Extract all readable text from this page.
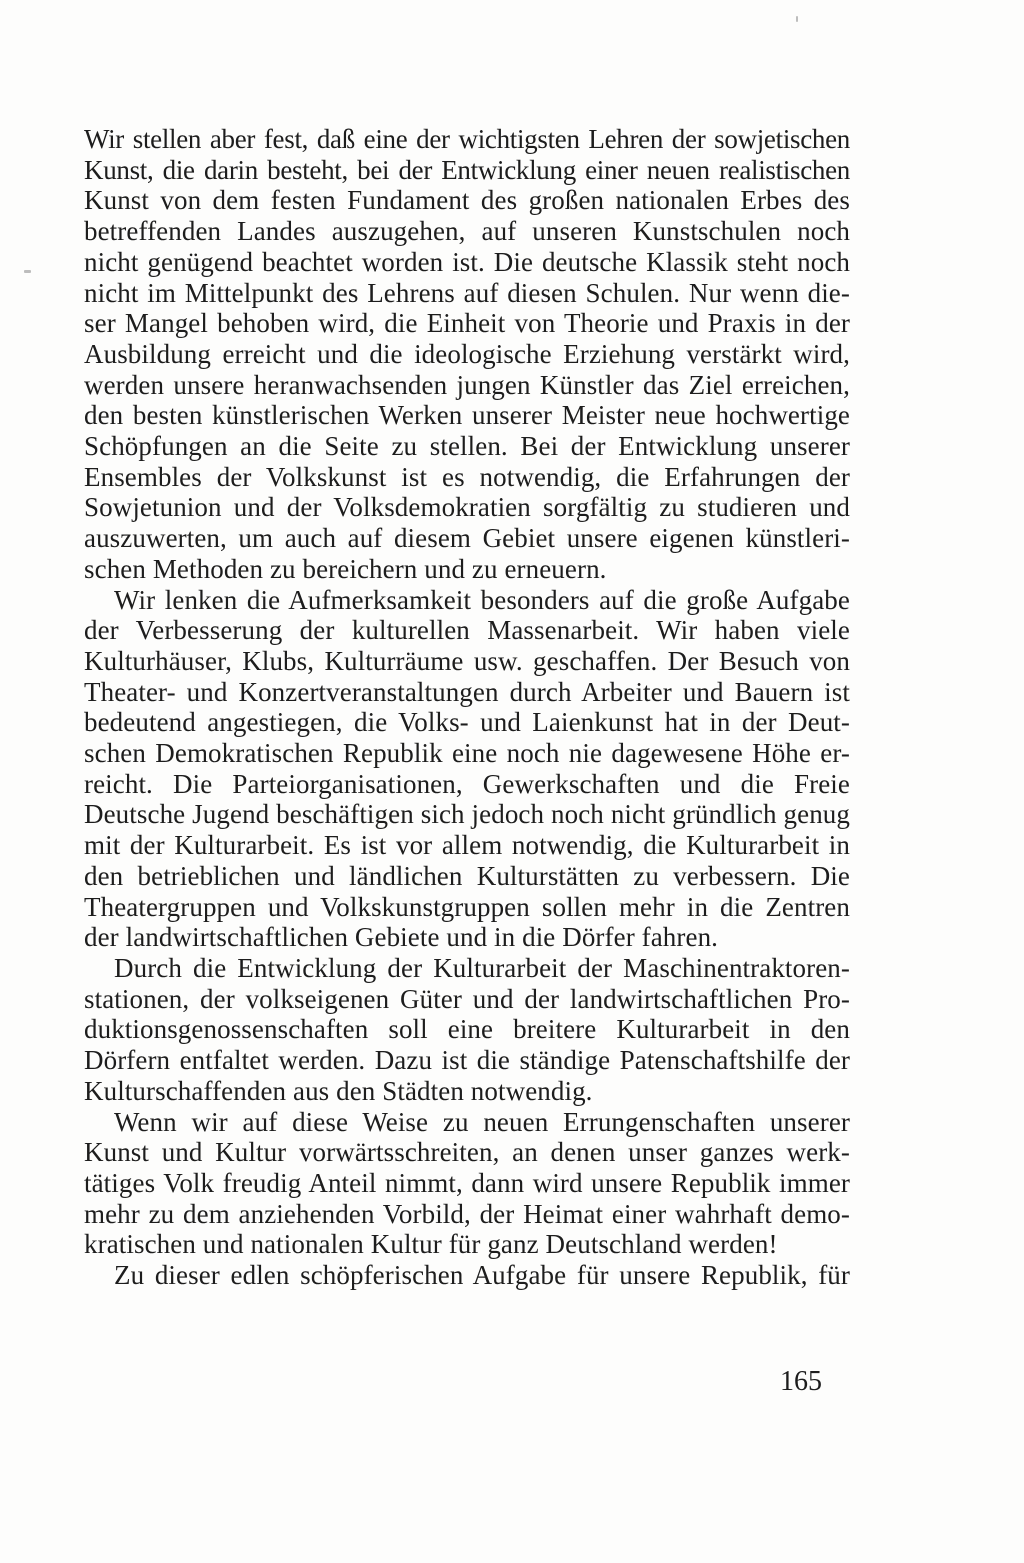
Wir stellen aber fest, daß eine der wichtigsten Lehren der sowjetischen
Kunst, die darin besteht, bei der Entwicklung einer neuen realistischen
Kunst von dem festen Fundament des großen nationalen Erbes des
betreffenden Landes auszugehen, auf unseren Kunstschulen noch
nicht genügend beachtet worden ist. Die deutsche Klassik steht noch
nicht im Mittelpunkt des Lehrens auf diesen Schulen. Nur wenn die-
ser Mangel behoben wird, die Einheit von Theorie und Praxis in der
Ausbildung erreicht und die ideologische Erziehung verstärkt wird,
werden unsere heranwachsenden jungen Künstler das Ziel erreichen,
den besten künstlerischen Werken unserer Meister neue hochwertige
Schöpfungen an die Seite zu stellen. Bei der Entwicklung unserer
Ensembles der Volkskunst ist es notwendig, die Erfahrungen der
Sowjetunion und der Volksdemokratien sorgfältig zu studieren und
auszuwerten, um auch auf diesem Gebiet unsere eigenen künstleri-
schen Methoden zu bereichern und zu erneuern.
Wir lenken die Aufmerksamkeit besonders auf die große Aufgabe
der Verbesserung der kulturellen Massenarbeit. Wir haben viele
Kulturhäuser, Klubs, Kulturräume usw. geschaffen. Der Besuch von
Theater- und Konzertveranstaltungen durch Arbeiter und Bauern ist
bedeutend angestiegen, die Volks- und Laienkunst hat in der Deut-
schen Demokratischen Republik eine noch nie dagewesene Höhe er-
reicht. Die Parteiorganisationen, Gewerkschaften und die Freie
Deutsche Jugend beschäftigen sich jedoch noch nicht gründlich genug
mit der Kulturarbeit. Es ist vor allem notwendig, die Kulturarbeit in
den betrieblichen und ländlichen Kulturstätten zu verbessern. Die
Theatergruppen und Volkskunstgruppen sollen mehr in die Zentren
der landwirtschaftlichen Gebiete und in die Dörfer fahren.
Durch die Entwicklung der Kulturarbeit der Maschinentraktoren-
stationen, der volkseigenen Güter und der landwirtschaftlichen Pro-
duktionsgenossenschaften soll eine breitere Kulturarbeit in den
Dörfern entfaltet werden. Dazu ist die ständige Patenschaftshilfe der
Kulturschaffenden aus den Städten notwendig.
Wenn wir auf diese Weise zu neuen Errungenschaften unserer
Kunst und Kultur vorwärtsschreiten, an denen unser ganzes werk-
tätiges Volk freudig Anteil nimmt, dann wird unsere Republik immer
mehr zu dem anziehenden Vorbild, der Heimat einer wahrhaft demo-
kratischen und nationalen Kultur für ganz Deutschland werden!
Zu dieser edlen schöpferischen Aufgabe für unsere Republik, für
165
